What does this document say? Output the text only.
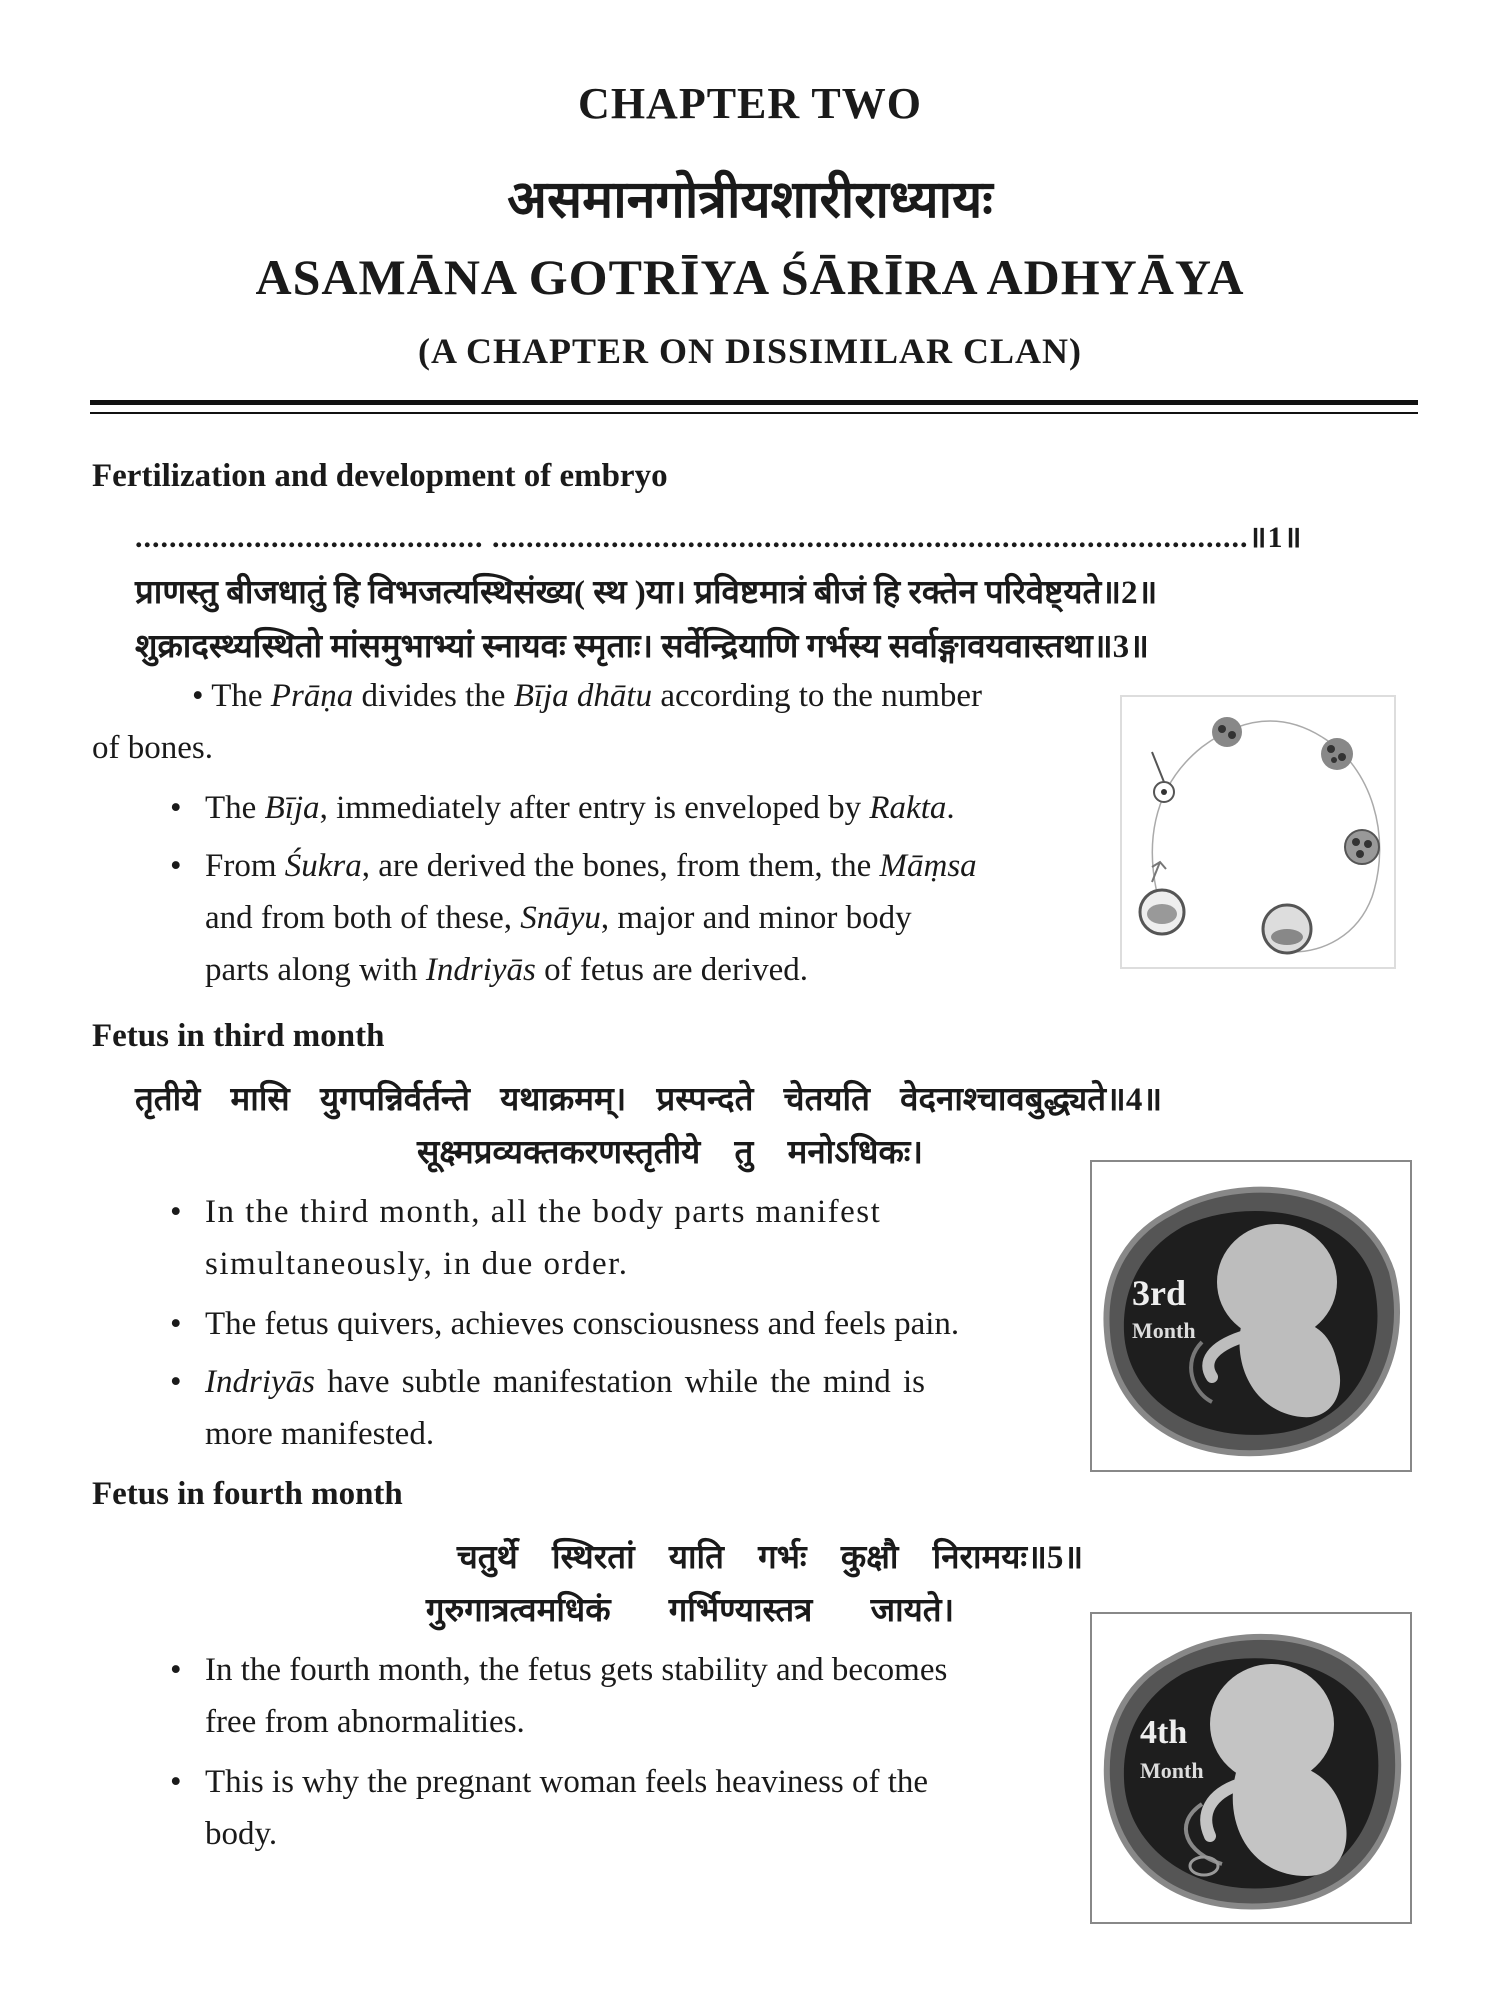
CHAPTER TWO
असमानगोत्रीयशारीराध्यायः
ASAMĀNA GOTRĪYA ŚĀRĪRA ADHYĀYA
(A CHAPTER ON DISSIMILAR CLAN)
Fertilization and development of embryo
......................................... .........................................................................................॥1॥
प्राणस्तु बीजधातुं हि विभजत्यस्थिसंख्य( स्थ )या। प्रविष्टमात्रं बीजं हि रक्तेन परिवेष्ट्यते॥2॥
शुक्रादस्थ्यस्थितो मांसमुभाभ्यां स्नायवः स्मृताः। सर्वेन्द्रियाणि गर्भस्य सर्वाङ्गावयवास्तथा॥3॥
• The Prāṇa divides the Bīja dhātu according to the number
of bones.
• The Bīja, immediately after entry is enveloped by Rakta.
• From Śukra, are derived the bones, from them, the Māṃsa
and from both of these, Snāyu, major and minor body
parts along with Indriyās of fetus are derived.
Fetus in third month
तृतीये मासि युगपन्निर्वर्तन्ते यथाक्रमम्। प्रस्पन्दते चेतयति वेदनाश्चावबुद्ध्यते॥4॥
सूक्ष्मप्रव्यक्तकरणस्तृतीये तु मनोऽधिकः।
• In the third month, all the body parts manifest
simultaneously, in due order.
• The fetus quivers, achieves consciousness and feels pain.
• Indriyās have subtle manifestation while the mind is
more manifested.
3rd
Month
Fetus in fourth month
चतुर्थे स्थिरतां याति गर्भः कुक्षौ निरामयः॥5॥
गुरुगात्रत्वमधिकं गर्भिण्यास्तत्र जायते।
• In the fourth month, the fetus gets stability and becomes
free from abnormalities.
• This is why the pregnant woman feels heaviness of the
body.
4th
Month
